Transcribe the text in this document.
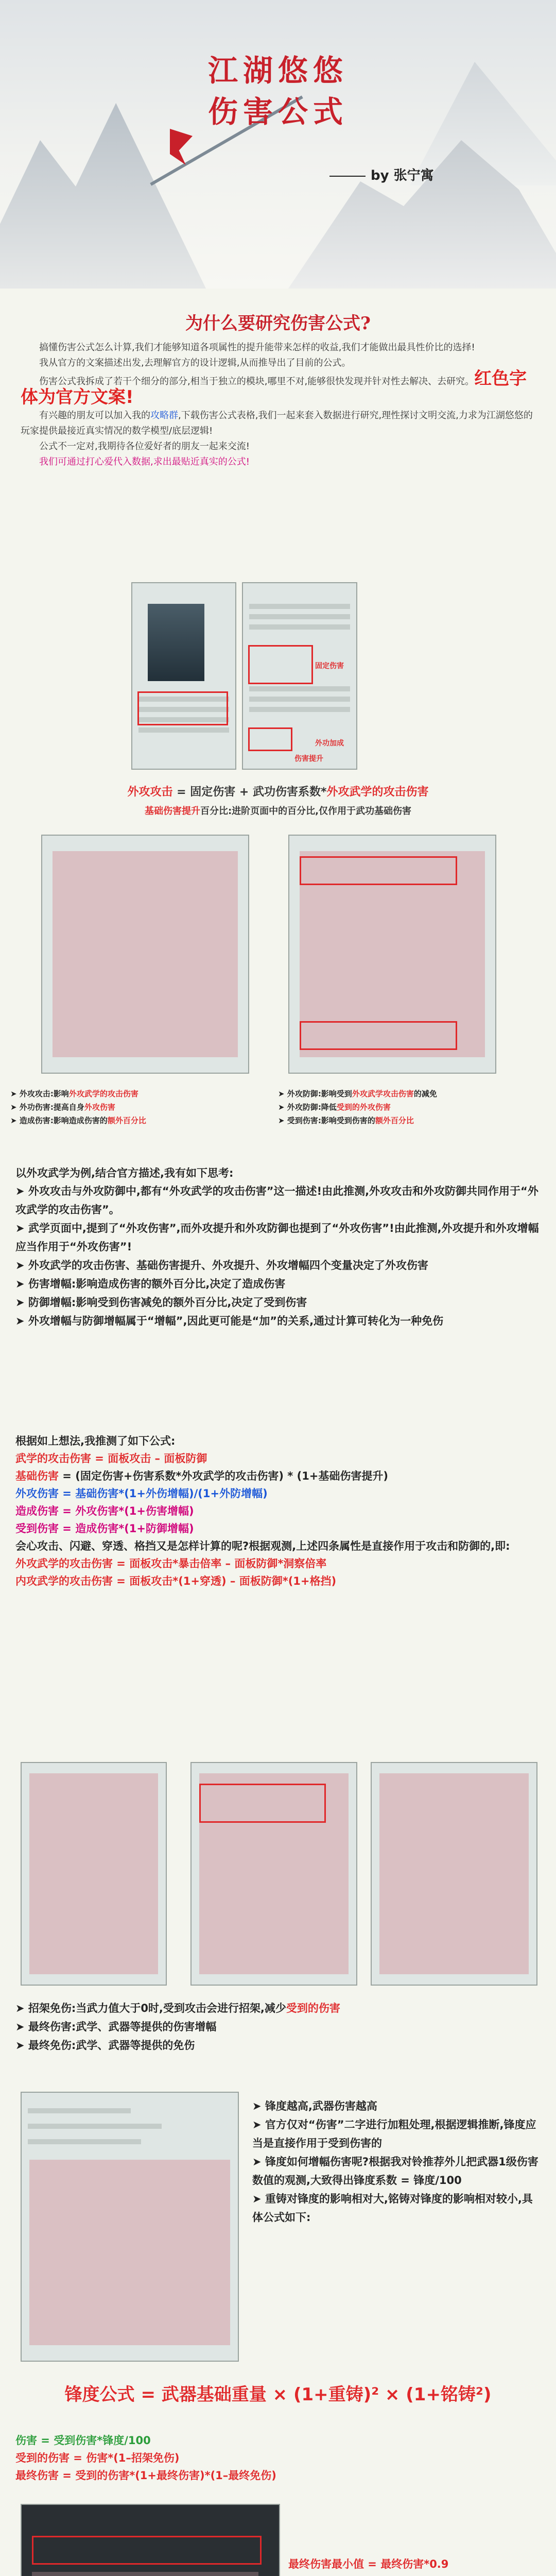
江湖悠悠
伤害公式
by 张宁寓
为什么要研究伤害公式?
搞懂伤害公式怎么计算,我们才能够知道各项属性的提升能带来怎样的收益,我们才能做出最具性价比的选择!
我从官方的文案描述出发,去理解官方的设计逻辑,从而推导出了目前的公式。
伤害公式我拆成了若干个细分的部分,相当于独立的模块,哪里不对,能够很快发现并针对性去解决、去研究。红色字体为官方文案!
有兴趣的朋友可以加入我的攻略群,下载伤害公式表格,我们一起来套入数据进行研究,理性探讨文明交流,力求为江湖悠悠的玩家提供最接近真实情况的数学模型/底层逻辑!
公式不一定对,我期待各位爱好者的朋友一起来交流!
我们可通过打心爱代入数据,求出最贴近真实的公式!
固定伤害
伤害提升
外功加成
外攻攻击 = 固定伤害 + 武功伤害系数*外攻武学的攻击伤害
基础伤害提升百分比:进阶页面中的百分比,仅作用于武功基础伤害
➤ 外攻攻击:影响外攻武学的攻击伤害
➤ 外功伤害:提高自身外攻伤害
➤ 造成伤害:影响造成伤害的额外百分比
➤ 外攻防御:影响受到外攻武学攻击伤害的减免
➤ 外攻防御:降低受到的外攻伤害
➤ 受到伤害:影响受到伤害的额外百分比
以外攻武学为例,结合官方描述,我有如下思考:
➤ 外攻攻击与外攻防御中,都有“外攻武学的攻击伤害”这一描述!由此推测,外攻攻击和外攻防御共同作用于“外攻武学的攻击伤害”。
➤ 武学页面中,提到了“外攻伤害”,而外攻提升和外攻防御也提到了“外攻伤害”!由此推测,外攻提升和外攻增幅应当作用于“外攻伤害”!
➤ 外攻武学的攻击伤害、基础伤害提升、外攻提升、外攻增幅四个变量决定了外攻伤害
➤ 伤害增幅:影响造成伤害的额外百分比,决定了造成伤害
➤ 防御增幅:影响受到伤害减免的额外百分比,决定了受到伤害
➤ 外攻增幅与防御增幅属于“增幅”,因此更可能是“加”的关系,通过计算可转化为一种免伤
根据如上想法,我推测了如下公式:
武学的攻击伤害 = 面板攻击 – 面板防御
基础伤害 = (固定伤害+伤害系数*外攻武学的攻击伤害) * (1+基础伤害提升)
外攻伤害 = 基础伤害*(1+外伤增幅)/(1+外防增幅)
造成伤害 = 外攻伤害*(1+伤害增幅)
受到伤害 = 造成伤害*(1+防御增幅)
会心攻击、闪避、穿透、格挡又是怎样计算的呢?根据观测,上述四条属性是直接作用于攻击和防御的,即:
外攻武学的攻击伤害 = 面板攻击*暴击倍率 – 面板防御*洞察倍率
内攻武学的攻击伤害 = 面板攻击*(1+穿透) – 面板防御*(1+格挡)
➤ 招架免伤:当武力值大于0时,受到攻击会进行招架,减少受到的伤害
➤ 最终伤害:武学、武器等提供的伤害增幅
➤ 最终免伤:武学、武器等提供的免伤
➤ 锋度越高,武器伤害越高
➤ 官方仅对“伤害”二字进行加粗处理,根据逻辑推断,锋度应当是直接作用于受到伤害的
➤ 锋度如何增幅伤害呢?根据我对铃推荐外儿把武器1级伤害数值的观测,大致得出锋度系数 = 锋度/100
➤ 重铸对锋度的影响相对大,铭铸对锋度的影响相对较小,具体公式如下:
锋度公式 = 武器基础重量 × (1+重铸)² × (1+铭铸²)
伤害 = 受到伤害*锋度/100
受到的伤害 = 伤害*(1–招架免伤)
最终伤害 = 受到的伤害*(1+最终伤害)*(1–最终免伤)
最终伤害最小值 = 最终伤害*0.9
